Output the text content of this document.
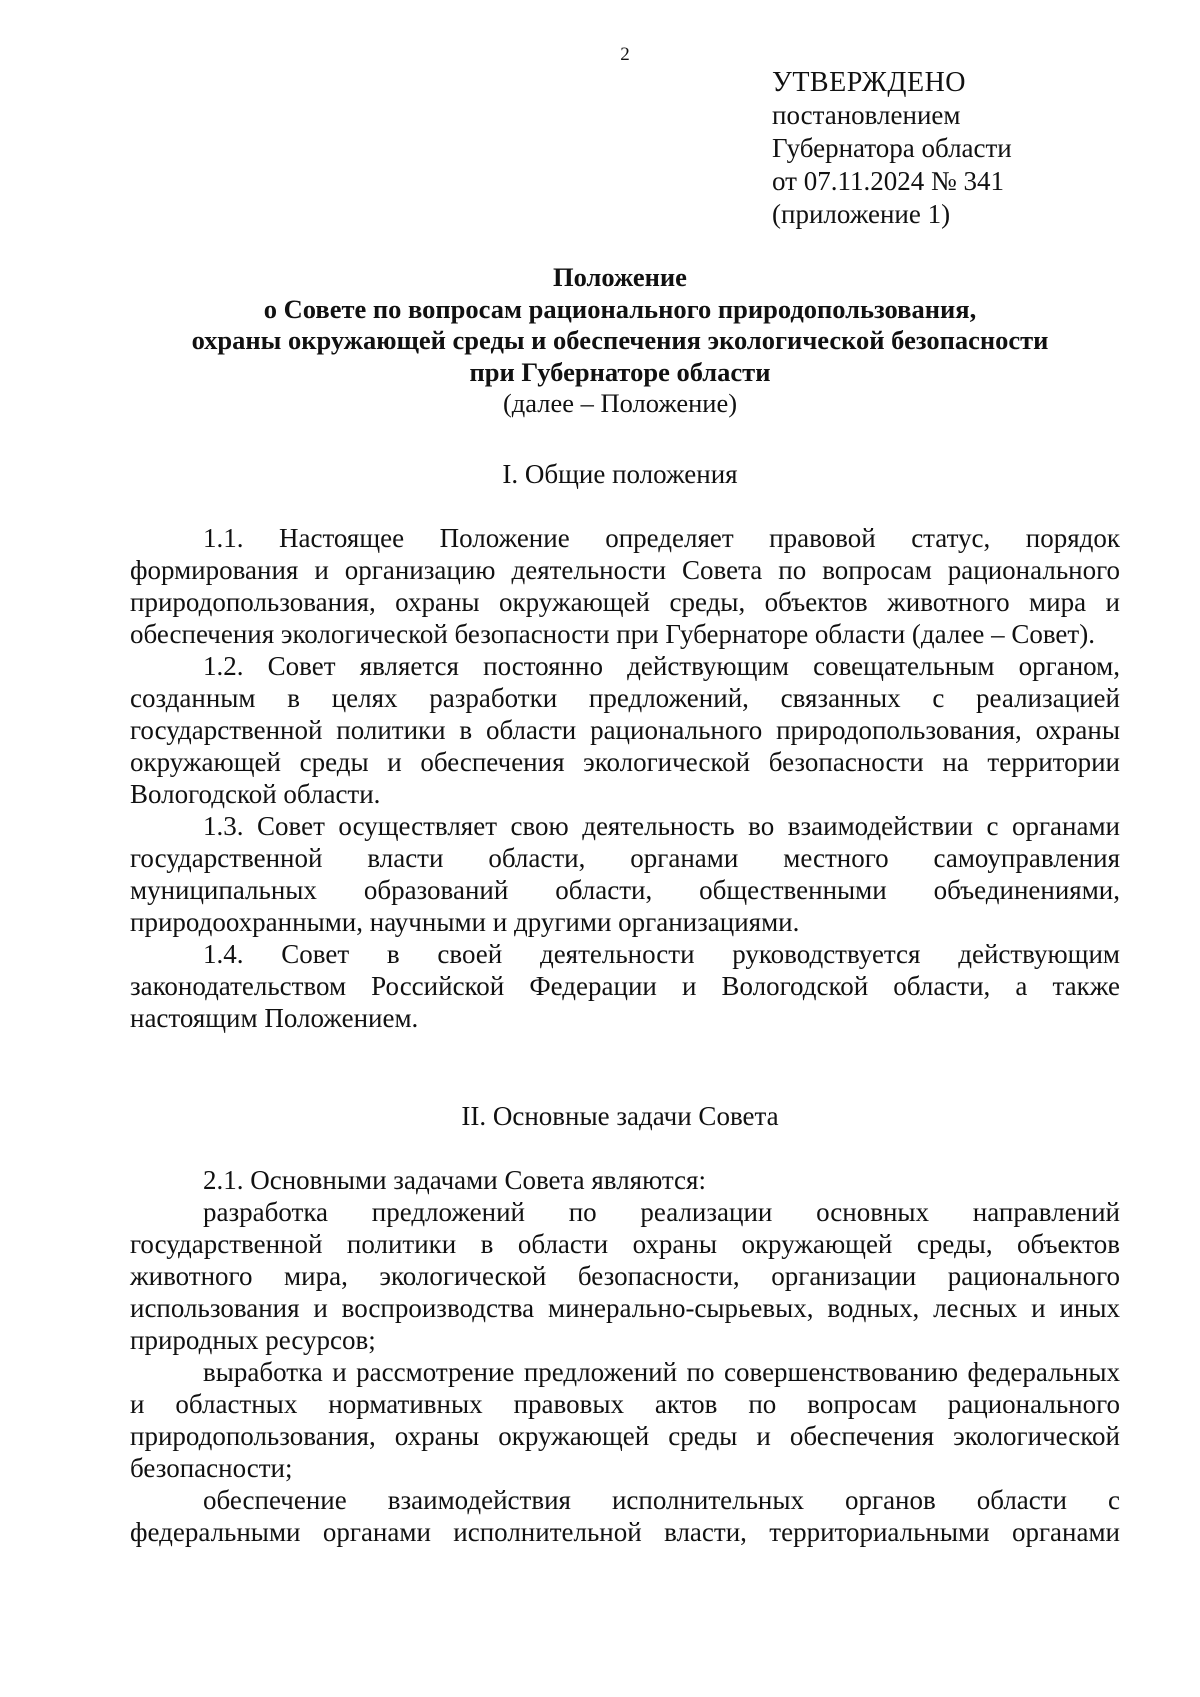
2
УТВЕРЖДЕНО
постановлением
Губернатора области
от 07.11.2024 № 341
(приложение 1)
Положение
о Совете по вопросам рационального природопользования,
охраны окружающей среды и обеспечения экологической безопасности
при Губернаторе области
(далее – Положение)
I. Общие положения

1.1. Настоящее Положение определяет правовой статус, порядок формирования и организацию деятельности Совета по вопросам рационального природопользования, охраны окружающей среды, объектов животного мира и обеспечения экологической безопасности при Губернаторе области (далее – Совет).

1.2. Совет является постоянно действующим совещательным органом, созданным в целях разработки предложений, связанных с реализацией государственной политики в области рационального природопользования, охраны окружающей среды и обеспечения экологической безопасности на территории Вологодской области.

1.3. Совет осуществляет свою деятельность во взаимодействии с органами государственной власти области, органами местного самоуправления муниципальных образований области, общественными объединениями, природоохранными, научными и другими организациями.

1.4. Совет в своей деятельности руководствуется действующим законодательством Российской Федерации и Вологодской области, а также настоящим Положением.

II. Основные задачи Совета

2.1. Основными задачами Совета являются:

разработка предложений по реализации основных направлений государственной политики в области охраны окружающей среды, объектов животного мира, экологической безопасности, организации рационального использования и воспроизводства минерально-сырьевых, водных, лесных и иных природных ресурсов;

выработка и рассмотрение предложений по совершенствованию федеральных и областных нормативных правовых актов по вопросам рационального природопользования, охраны окружающей среды и обеспечения экологической безопасности;

обеспечение взаимодействия исполнительных органов области с федеральными органами исполнительной власти, территориальными органами
